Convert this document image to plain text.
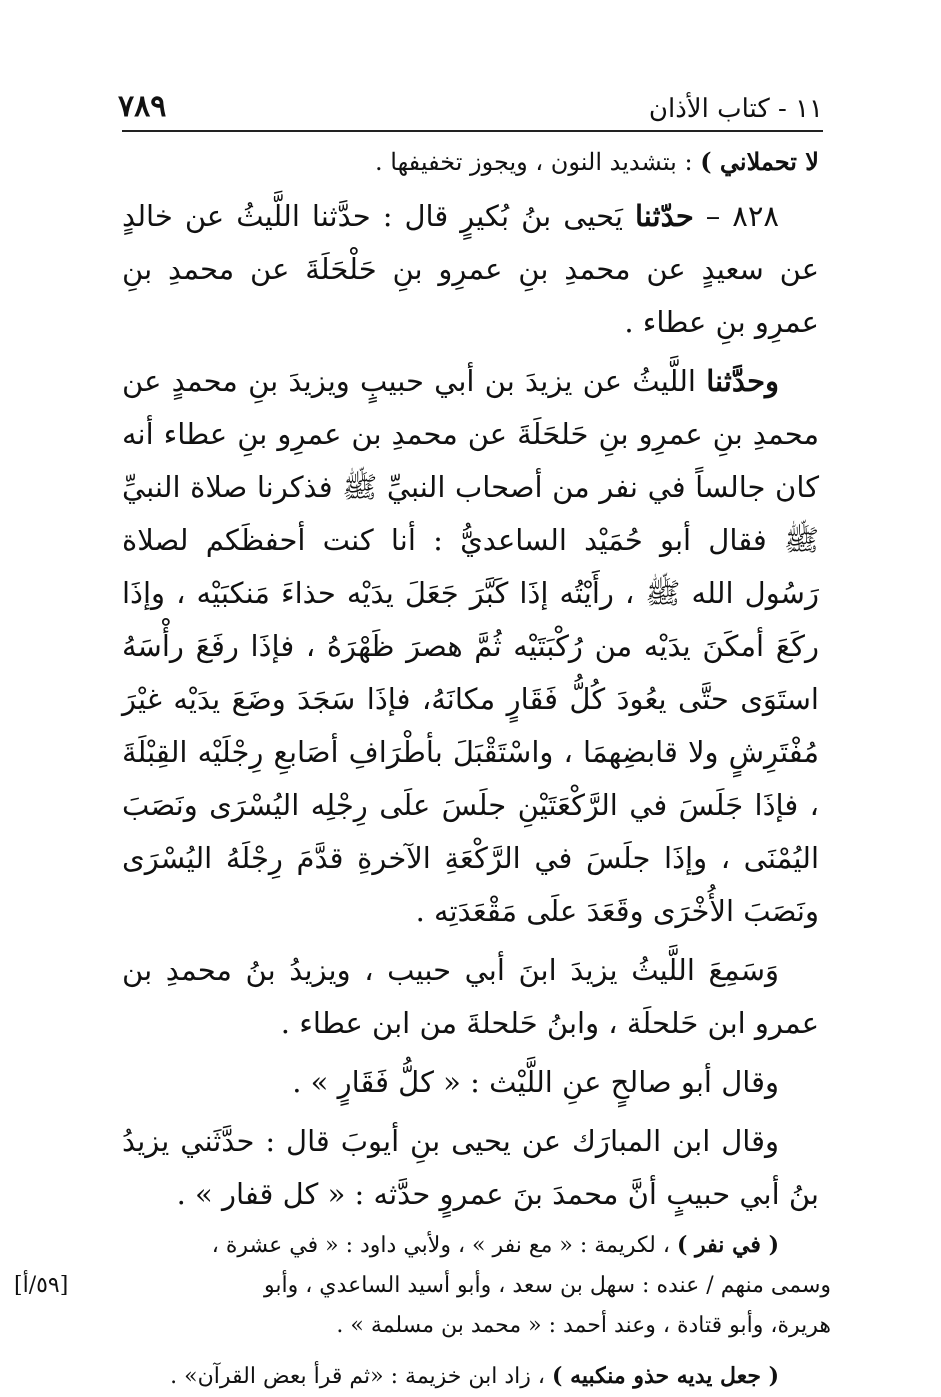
١١ - كتاب الأذان
٧٨٩

لا تحملاني ) : بتشديد النون ، ويجوز تخفيفها .

٨٢٨ – حدّثنا يَحيى بنُ بُكيرٍ قال : حدَّثنا اللَّيثُ عن خالدٍ عن سعيدٍ عن محمدِ بنِ عمرِو بنِ حَلْحَلَةَ عن محمدِ بنِ عمرِو بنِ عطاء .

وحدَّثنا اللَّيثُ عن يزيدَ بن أبي حبيبٍ ويزيدَ بنِ محمدٍ عن محمدِ بنِ عمرِو بنِ حَلحَلَةَ عن محمدِ بن عمرِو بنِ عطاء أنه كان جالساً في نفر من أصحاب النبيِّ ﷺ فذكرنا صلاة النبيِّ ﷺ فقال أبو حُمَيْد الساعديُّ : أنا كنت أحفظَكم لصلاة رَسُول الله ﷺ ، رأَيْتُه إذَا كَبَّرَ جَعَلَ يدَيْه حذاءَ مَنكبَيْه ، وإذَا ركَعَ أمكَنَ يدَيْه من رُكْبَتَيْه ثُمَّ هصرَ ظَهْرَهُ ، فإذَا رفَعَ رأْسَهُ استَوَى حتَّى يعُودَ كُلُّ فَقَارٍ مكانَهُ، فإذَا سَجَدَ وضَعَ يدَيْه غيْرَ مُفْتَرِشٍ ولا قابضِهمَا ، واسْتَقْبَلَ بأطْرَافِ أصَابعِ رِجْلَيْه القِبْلَةَ ، فإذَا جَلَسَ في الرَّكْعَتَيْنِ جلَسَ علَى رِجْلِه اليُسْرَى ونَصَبَ اليُمْنَى ، وإذَا جلَسَ في الرَّكْعَةِ الآخرةِ قدَّمَ رِجْلَهُ اليُسْرَى ونَصَبَ الأُخْرَى وقَعَدَ علَى مَقْعَدَتِه .

وَسَمِعَ اللَّيثُ يزيدَ ابنَ أبي حبيب ، ويزيدُ بنُ محمدِ بن عمرو ابن حَلحلَة ، وابنُ حَلحلةَ من ابن عطاء .

وقال أبو صالحٍ عنِ اللَّيْث : « كلُّ فَقَارٍ » .

وقال ابن المبارَك عن يحيى بنِ أيوبَ قال : حدَّثَني يزيدُ بنُ أبي حبيبٍ أنَّ محمدَ بنَ عمروٍ حدَّثه : « كل قفار » .

( في نفر ) ، لكريمة : « مع نفر » ، ولأبي داود : « في عشرة ،

وسمى منهم / عنده : سهل بن سعد ، وأبو أسيد الساعدي ، وأبو
[٥٩/أ]

هريرة، وأبو قتادة ، وعند أحمد : « محمد بن مسلمة » .

( جعل يديه حذو منكبيه ) ، زاد ابن خزيمة : «ثم قرأ بعض القرآن» .
